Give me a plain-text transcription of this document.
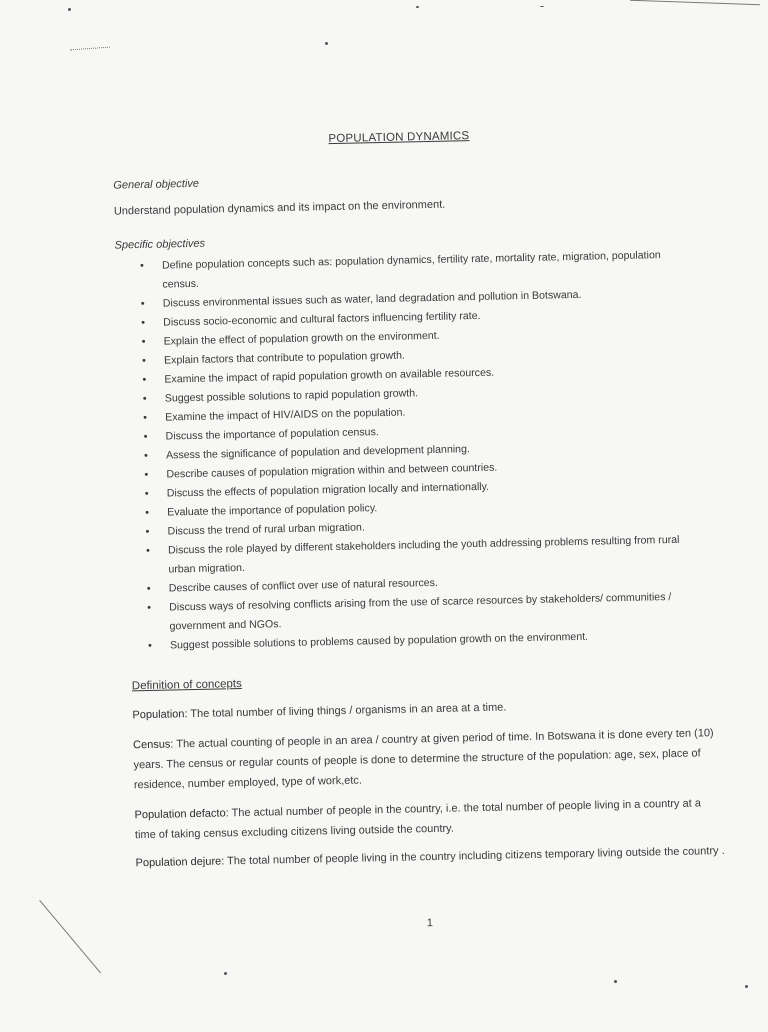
POPULATION DYNAMICS
General objective
Understand population dynamics and its impact on the environment.
Specific objectives
• Define population concepts such as: population dynamics, fertility rate, mortality rate, migration, population census.
• Discuss environmental issues such as water, land degradation and pollution in Botswana.
• Discuss socio-economic and cultural factors influencing fertility rate.
• Explain the effect of population growth on the environment.
• Explain factors that contribute to population growth.
• Examine the impact of rapid population growth on available resources.
• Suggest possible solutions to rapid population growth.
• Examine the impact of HIV/AIDS on the population.
• Discuss the importance of population census.
• Assess the significance of population and development planning.
• Describe causes of population migration within and between countries.
• Discuss the effects of population migration locally and internationally.
• Evaluate the importance of population policy.
• Discuss the trend of rural urban migration.
• Discuss the role played by different stakeholders including the youth addressing problems resulting from rural urban migration.
• Describe causes of conflict over use of natural resources.
• Discuss ways of resolving conflicts arising from the use of scarce resources by stakeholders/ communities / government and NGOs.
• Suggest possible solutions to problems caused by population growth on the environment.
Definition of concepts
Population: The total number of living things / organisms in an area at a time.
Census: The actual counting of people in an area / country at given period of time. In Botswana it is done every ten (10) years. The census or regular counts of people is done to determine the structure of the population: age, sex, place of residence, number employed, type of work,etc.
Population defacto: The actual number of people in the country, i.e. the total number of people living in a country at a time of taking census excluding citizens living outside the country.
Population dejure: The total number of people living in the country including citizens temporary living outside the country .
1
